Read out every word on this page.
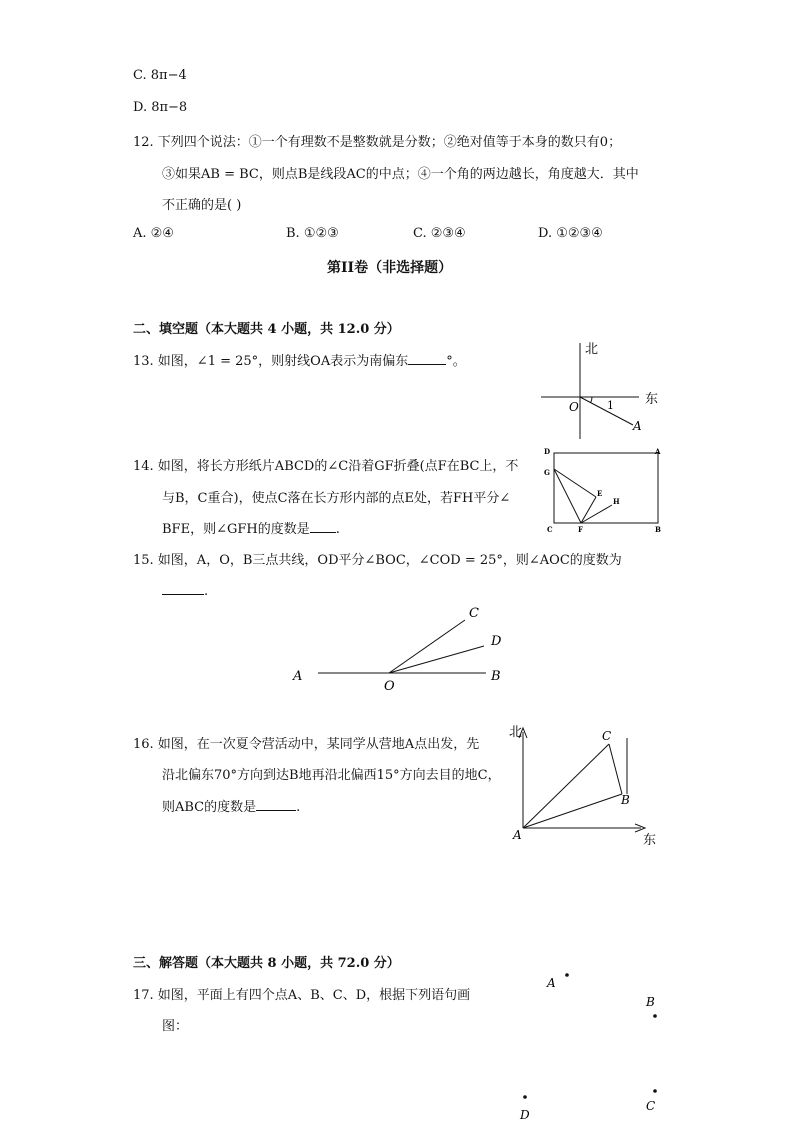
C. 8π−4
D. 8π−8
12. 下列四个说法：①一个有理数不是整数就是分数；②绝对值等于本身的数只有0；
③如果AB = BC，则点B是线段AC的中点；④一个角的两边越长，角度越大．其中
不正确的是( )
A. ②④	B. ①②③	C. ②③④	D. ①②③④
第II卷（非选择题）
二、填空题（本大题共 4 小题，共 12.0 分）
13. 如图，∠1 = 25°，则射线OA表示为南偏东	°。
北
东
O	1
A
14. 如图，将长方形纸片ABCD的∠C沿着GF折叠(点F在BC上，不
与B，C重合)，使点C落在长方形内部的点E处，若FH平分∠
BFE，则∠GFH的度数是 .
D	A
G
E
H
C	F	B
15. 如图，A，O，B三点共线，OD平分∠BOC，∠COD = 25°，则∠AOC的度数为
.
A
O
B
C
D
16. 如图，在一次夏令营活动中，某同学从营地A点出发，先
沿北偏东70°方向到达B地再沿北偏西15°方向去目的地C，
则ABC的度数是	.
北
东
A
B
C
三、解答题（本大题共 8 小题，共 72.0 分）
17. 如图，平面上有四个点A、B、C、D，根据下列语句画
图：
A
B
C
D
